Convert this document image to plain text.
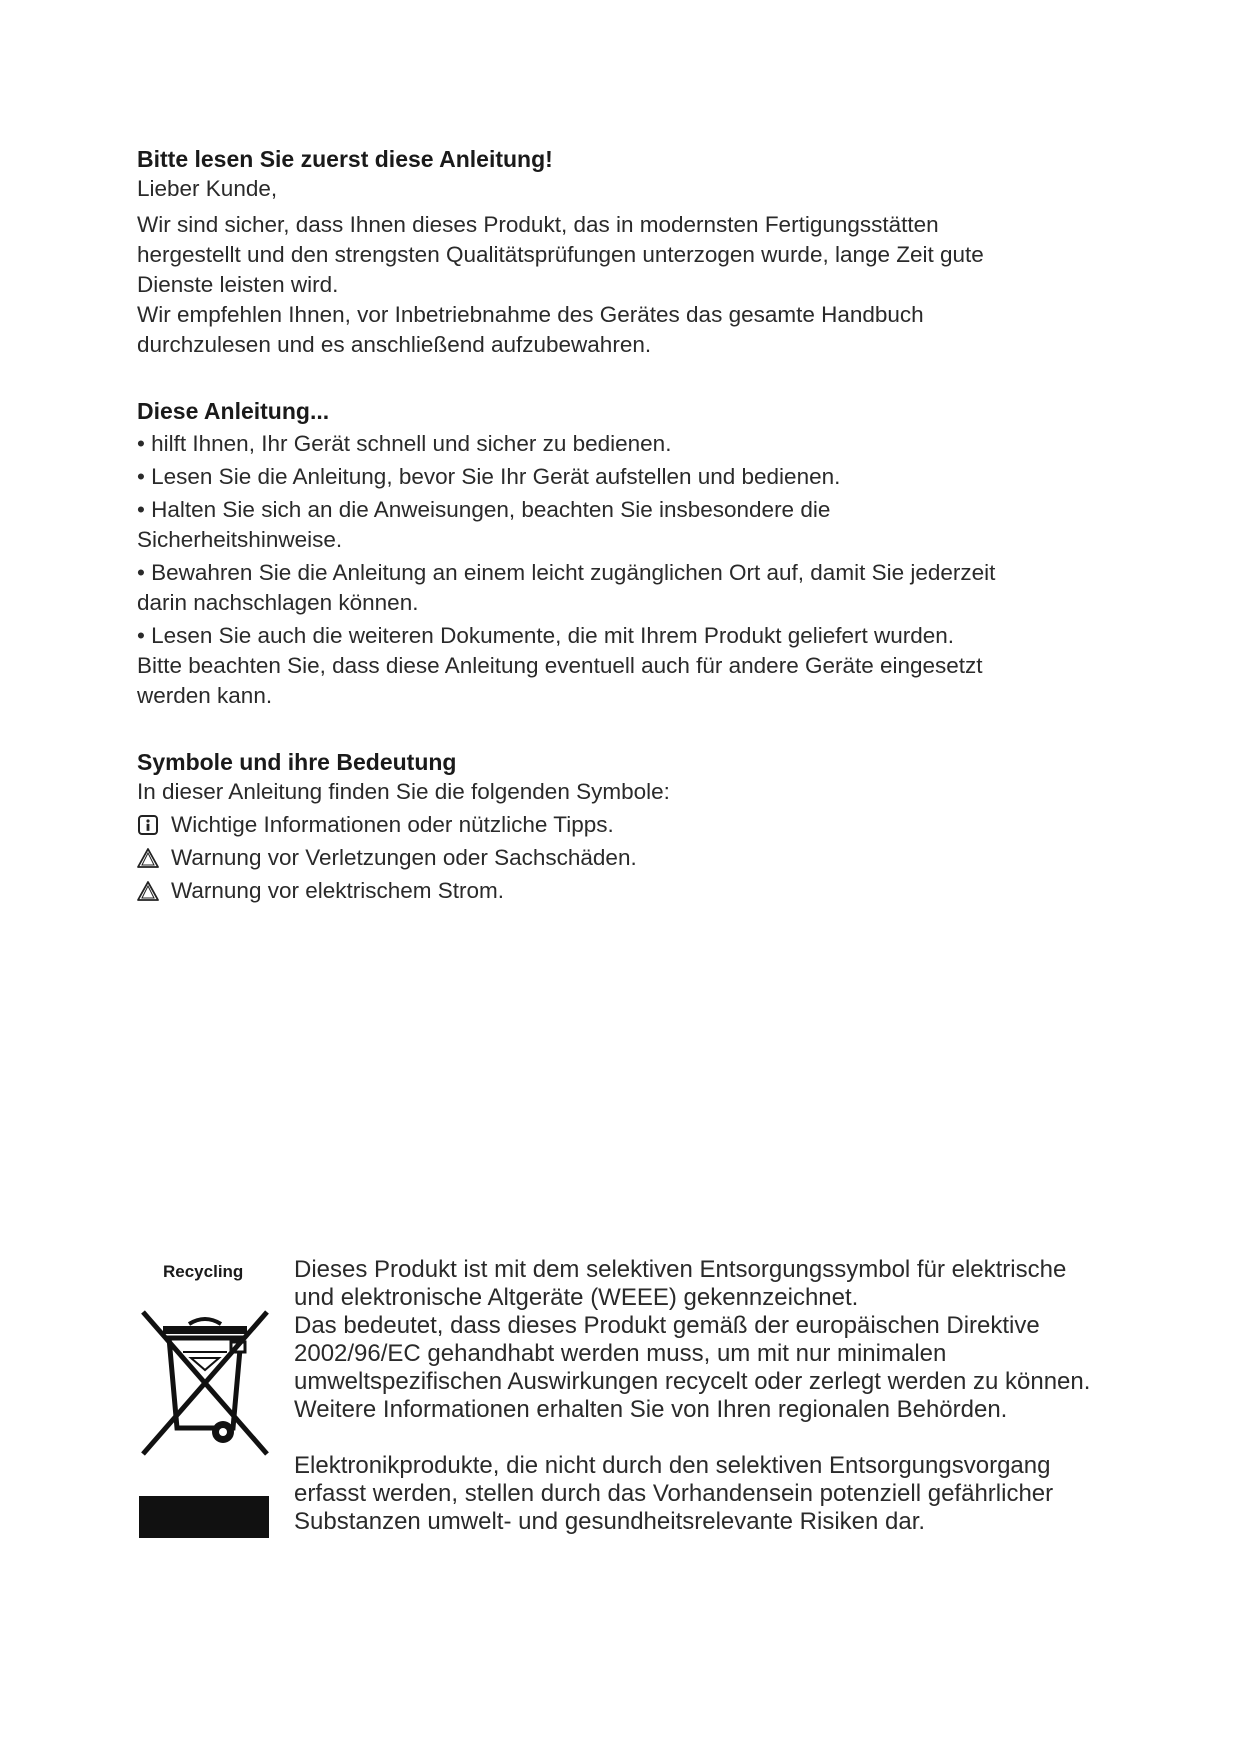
Bitte lesen Sie zuerst diese Anleitung!

Lieber Kunde,

Wir sind sicher, dass Ihnen dieses Produkt, das in modernsten Fertigungsstätten

hergestellt und den strengsten Qualitätsprüfungen unterzogen wurde, lange Zeit gute

Dienste leisten wird.

Wir empfehlen Ihnen, vor Inbetriebnahme des Gerätes das gesamte Handbuch

durchzulesen und es anschließend aufzubewahren.

Diese Anleitung...

• hilft Ihnen, Ihr Gerät schnell und sicher zu bedienen.

• Lesen Sie die Anleitung, bevor Sie Ihr Gerät aufstellen und bedienen.

• Halten Sie sich an die Anweisungen, beachten Sie insbesondere die

Sicherheitshinweise.

• Bewahren Sie die Anleitung an einem leicht zugänglichen Ort auf, damit Sie jederzeit

darin nachschlagen können.

• Lesen Sie auch die weiteren Dokumente, die mit Ihrem Produkt geliefert wurden.

Bitte beachten Sie, dass diese Anleitung eventuell auch für andere Geräte eingesetzt

werden kann.

Symbole und ihre Bedeutung

In dieser Anleitung finden Sie die folgenden Symbole:

Wichtige Informationen oder nützliche Tipps.
Warnung vor Verletzungen oder Sachschäden.
Warnung vor elektrischem Strom.
Recycling Dieses Produkt ist mit dem selektiven Entsorgungssymbol für elektrische

und elektronische Altgeräte (WEEE) gekennzeichnet.

Das bedeutet, dass dieses Produkt gemäß der europäischen Direktive

2002/96/EC gehandhabt werden muss, um mit nur minimalen

umweltspezifischen Auswirkungen recycelt oder zerlegt werden zu können.

Weitere Informationen erhalten Sie von Ihren regionalen Behörden.

Elektronikprodukte, die nicht durch den selektiven Entsorgungsvorgang

erfasst werden, stellen durch das Vorhandensein potenziell gefährlicher

Substanzen umwelt- und gesundheitsrelevante Risiken dar.
